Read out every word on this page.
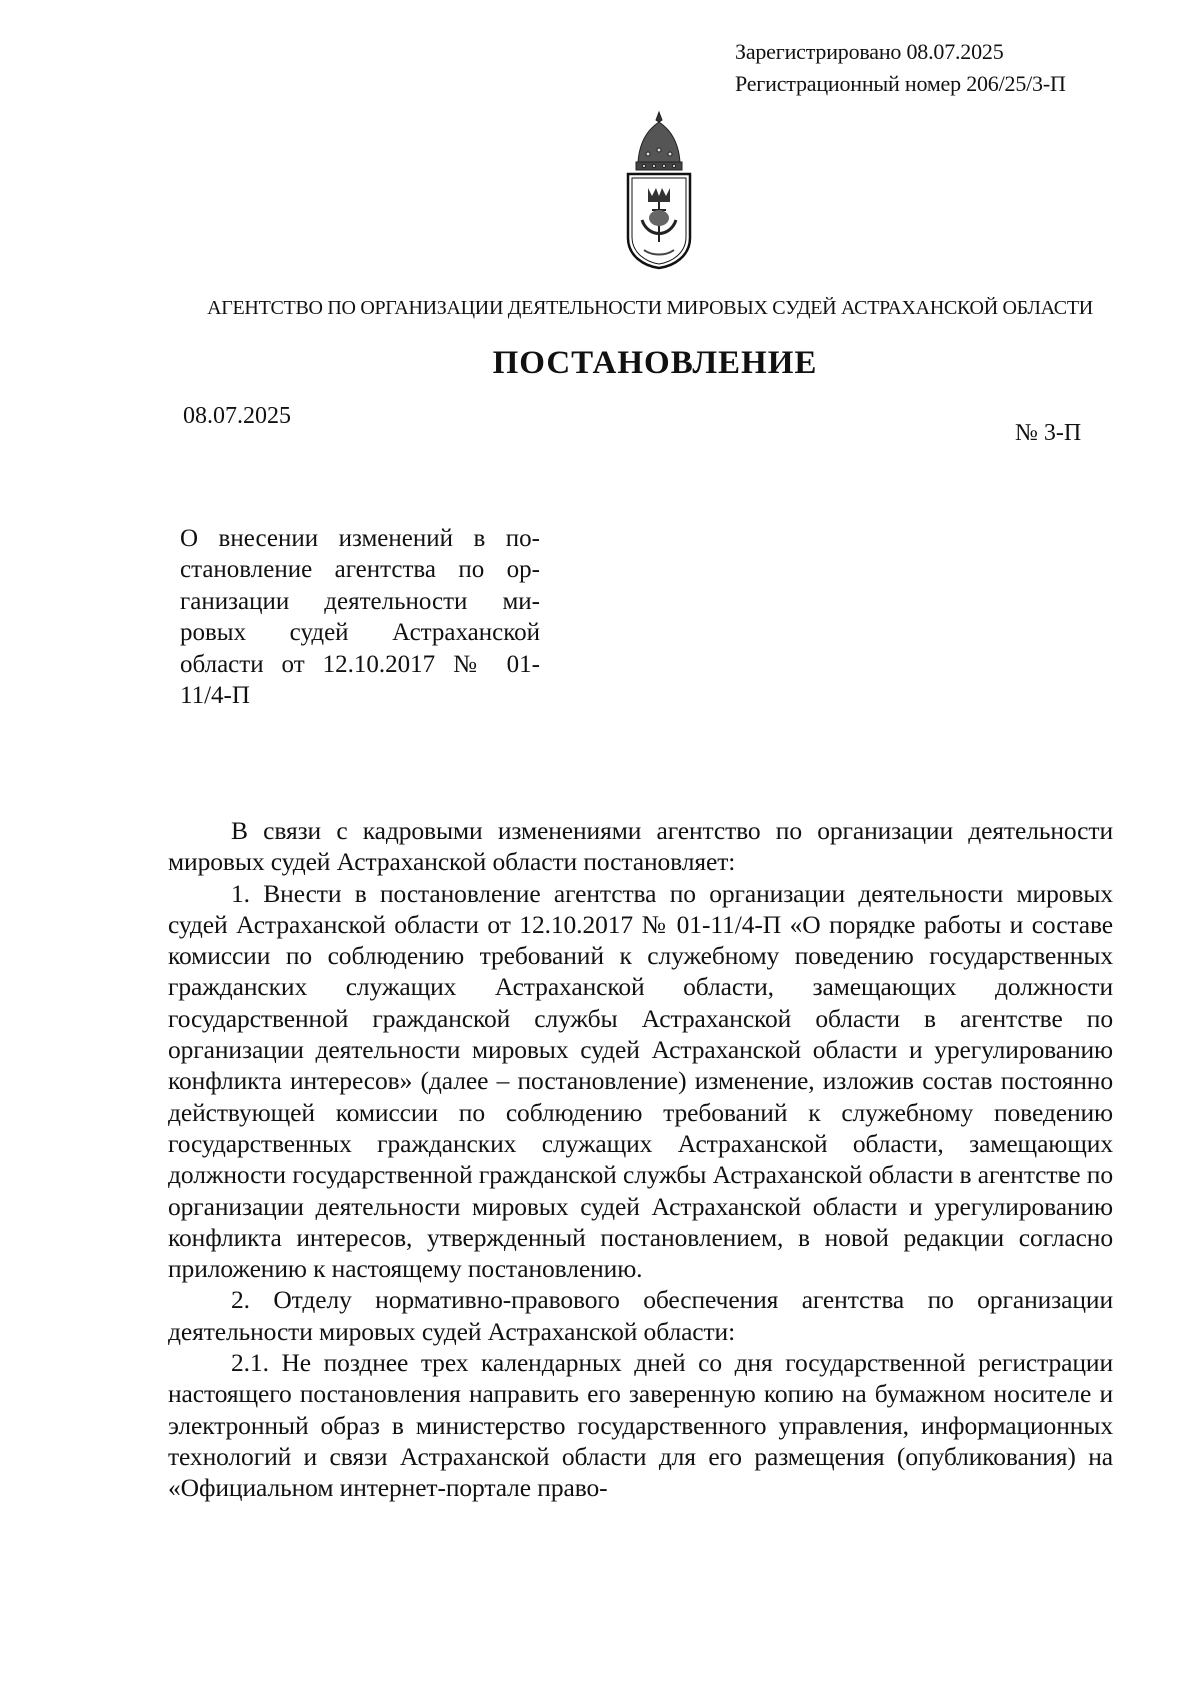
Зарегистрировано 08.07.2025
Регистрационный номер 206/25/3-П
АГЕНТСТВО ПО ОРГАНИЗАЦИИ ДЕЯТЕЛЬНОСТИ МИРОВЫХ СУДЕЙ АСТРАХАНСКОЙ ОБЛАСТИ
ПОСТАНОВЛЕНИЕ
08.07.2025
№ 3-П
О внесении изменений в по-
становление агентства по ор-
ганизации деятельности ми-
ровых судей Астраханской
области от 12.10.2017 № 01-
11/4-П

В связи с кадровыми изменениями агентство по организации деятельности мировых судей Астраханской области постановляет:

1. Внести в постановление агентства по организации деятельности мировых судей Астраханской области от 12.10.2017 № 01-11/4-П «О порядке работы и составе комиссии по соблюдению требований к служебному поведению государственных гражданских служащих Астраханской области, замещающих должности государственной гражданской службы Астраханской области в агентстве по организации деятельности мировых судей Астраханской области и урегулированию конфликта интересов» (далее – постановление) изменение, изложив состав постоянно действующей комиссии по соблюдению требований к служебному поведению государственных гражданских служащих Астраханской области, замещающих должности государственной гражданской службы Астраханской области в агентстве по организации деятельности мировых судей Астраханской области и урегулированию конфликта интересов, утвержденный постановлением, в новой редакции согласно приложению к настоящему постановлению.

2. Отделу нормативно-правового обеспечения агентства по организации деятельности мировых судей Астраханской области:

2.1. Не позднее трех календарных дней со дня государственной регистрации настоящего постановления направить его заверенную копию на бумажном носителе и электронный образ в министерство государственного управления, информационных технологий и связи Астраханской области для его размещения (опубликования) на «Официальном интернет-портале право-
